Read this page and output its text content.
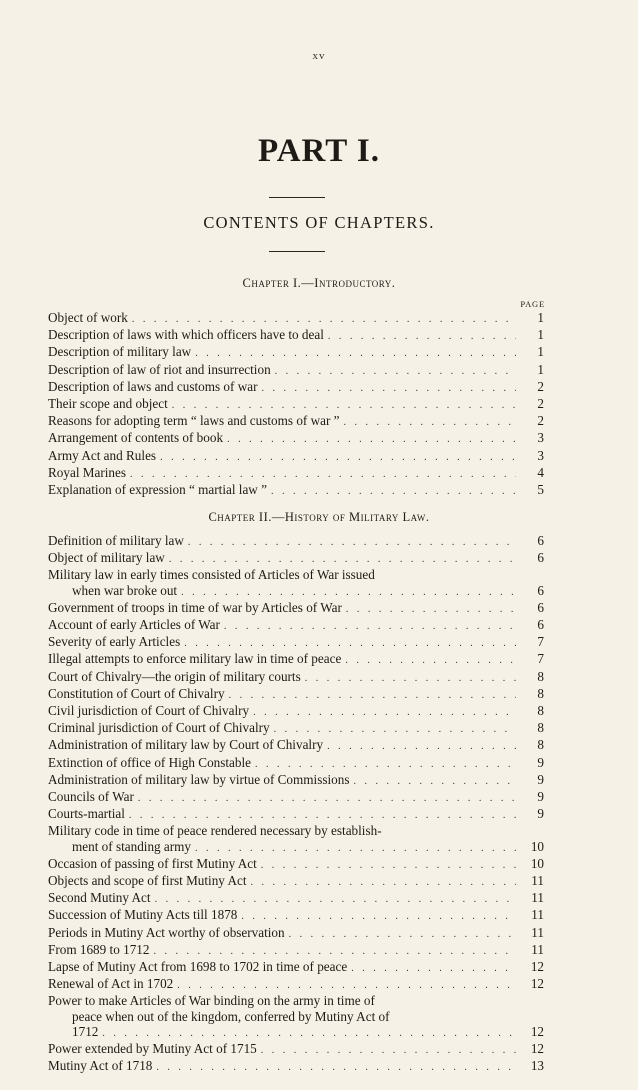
xv
PART I.
CONTENTS OF CHAPTERS.
Chapter I.—Introductory.
PAGE
Object of work . . .	1
Description of laws with which officers have to deal . . .	1
Description of military law . . .	1
Description of law of riot and insurrection . . .	1
Description of laws and customs of war . . .	2
Their scope and object . . .	2
Reasons for adopting term “ laws and customs of war ” . . .	2
Arrangement of contents of book . . .	3
Army Act and Rules . . .	3
Royal Marines . . .	4
Explanation of expression “ martial law ” . . .	5
Chapter II.—History of Military Law.
Definition of military law . . .	6
Object of military law . . .	6
Military law in early times consisted of Articles of War issued
when war broke out . . .	6
Government of troops in time of war by Articles of War . . .	6
Account of early Articles of War . . .	6
Severity of early Articles . . .	7
Illegal attempts to enforce military law in time of peace . . .	7
Court of Chivalry—the origin of military courts . . .	8
Constitution of Court of Chivalry . . .	8
Civil jurisdiction of Court of Chivalry . . .	8
Criminal jurisdiction of Court of Chivalry . . .	8
Administration of military law by Court of Chivalry . . .	8
Extinction of office of High Constable . . .	9
Administration of military law by virtue of Commissions . . .	9
Councils of War . . .	9
Courts-martial . . .	9
Military code in time of peace rendered necessary by establish-
ment of standing army . . .	10
Occasion of passing of first Mutiny Act . . .	10
Objects and scope of first Mutiny Act . . .	11
Second Mutiny Act . . .	11
Succession of Mutiny Acts till 1878 . . .	11
Periods in Mutiny Act worthy of observation . . .	11
From 1689 to 1712 . . .	11
Lapse of Mutiny Act from 1698 to 1702 in time of peace . . .	12
Renewal of Act in 1702 . . .	12
Power to make Articles of War binding on the army in time of
peace when out of the kingdom, conferred by Mutiny Act of
1712 . . .	12
Power extended by Mutiny Act of 1715 . . .	12
Mutiny Act of 1718 . . .	13
